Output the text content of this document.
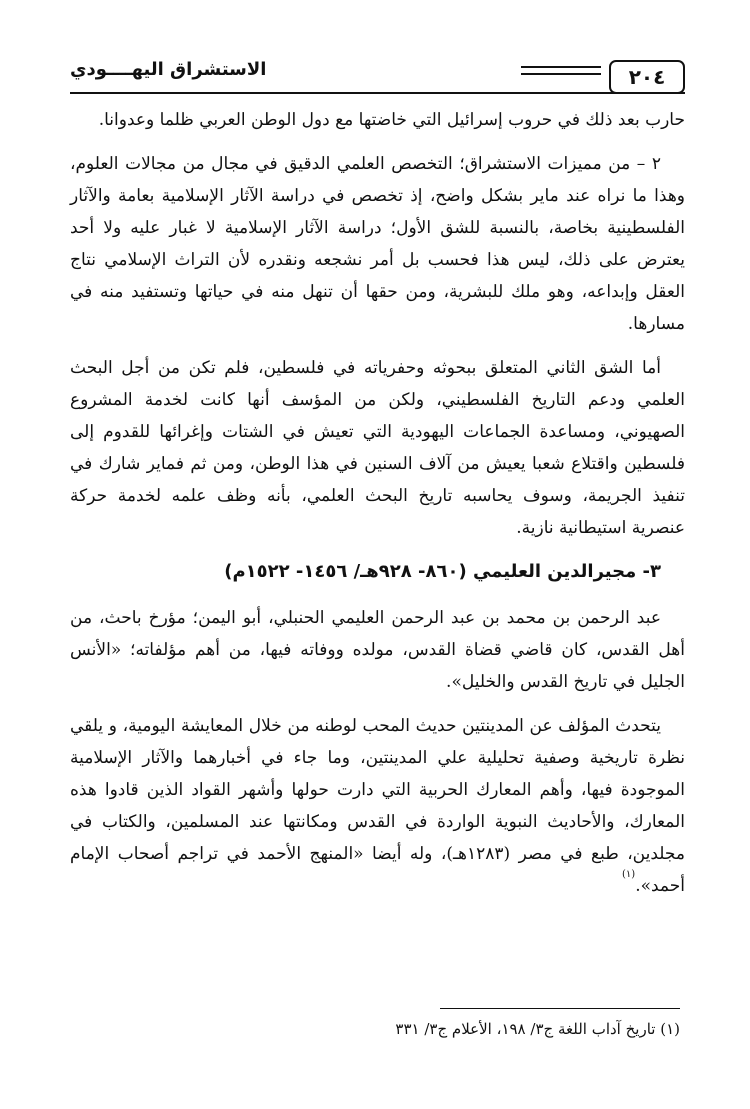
٢٠٤
الاستشراق اليهــــودي

حارب بعد ذلك في حروب إسرائيل التي خاضتها مع دول الوطن العربي ظلما وعدوانا.

٢ – من مميزات الاستشراق؛ التخصص العلمي الدقيق في مجال من مجالات العلوم، وهذا ما نراه عند ماير بشكل واضح، إذ تخصص في دراسة الآثار الإسلامية بعامة والآثار الفلسطينية بخاصة، بالنسبة للشق الأول؛ دراسة الآثار الإسلامية لا غبار عليه ولا أحد يعترض على ذلك، ليس هذا فحسب بل أمر نشجعه ونقدره لأن التراث الإسلامي نتاج العقل وإبداعه، وهو ملك للبشرية، ومن حقها أن تنهل منه في حياتها وتستفيد منه في مسارها.

أما الشق الثاني المتعلق ببحوثه وحفرياته في فلسطين، فلم تكن من أجل البحث العلمي ودعم التاريخ الفلسطيني، ولكن من المؤسف أنها كانت لخدمة المشروع الصهيوني، ومساعدة الجماعات اليهودية التي تعيش في الشتات وإغرائها للقدوم إلى فلسطين واقتلاع شعبا يعيش من آلاف السنين في هذا الوطن، ومن ثم فماير شارك في تنفيذ الجريمة، وسوف يحاسبه تاريخ البحث العلمي، بأنه وظف علمه لخدمة حركة عنصرية استيطانية نازية.

٣- مجيرالدين العليمي (٨٦٠- ٩٢٨هـ/ ١٤٥٦- ١٥٢٢م)

عبد الرحمن بن محمد بن عبد الرحمن العليمي الحنبلي، أبو اليمن؛ مؤرخ باحث، من أهل القدس، كان قاضي قضاة القدس، مولده ووفاته فيها، من أهم مؤلفاته؛ «الأنس الجليل في تاريخ القدس والخليل».

يتحدث المؤلف عن المدينتين حديث المحب لوطنه من خلال المعايشة اليومية، و يلقي نظرة تاريخية وصفية تحليلية علي المدينتين، وما جاء في أخبارهما والآثار الإسلامية الموجودة فيها، وأهم المعارك الحربية التي دارت حولها وأشهر القواد الذين قادوا هذه المعارك، والأحاديث النبوية الواردة في القدس ومكانتها عند المسلمين، والكتاب في مجلدين، طبع في مصر (١٢٨٣هـ)، وله أيضا «المنهج الأحمد في تراجم أصحاب الإمام أحمد».$^{(١)}$

(١) تاريخ آداب اللغة ج٣/ ١٩٨، الأعلام ج٣/ ٣٣١
